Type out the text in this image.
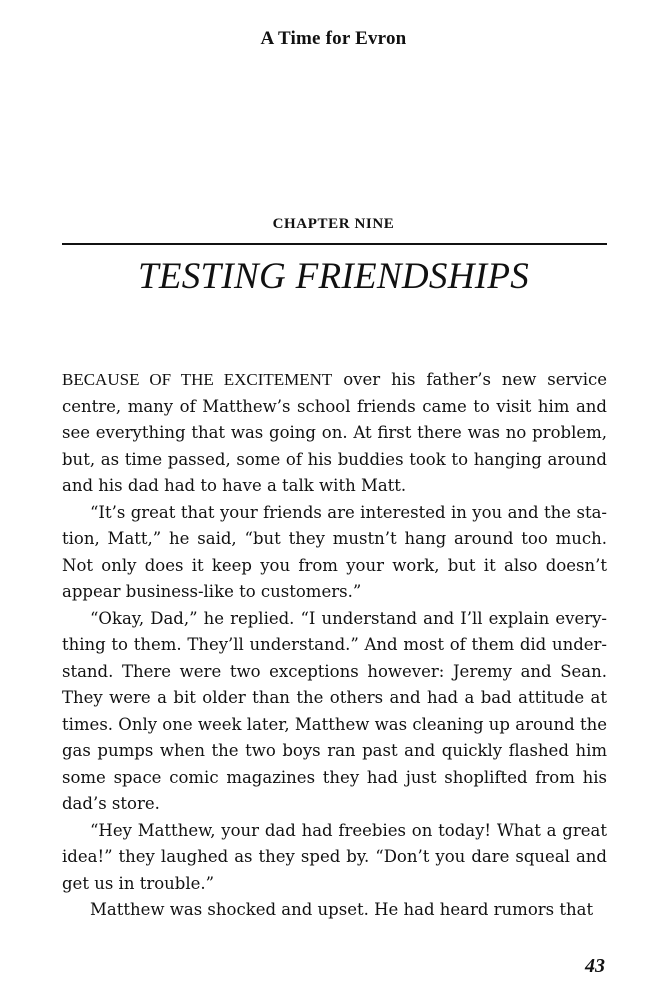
A Time for Evron
CHAPTER NINE
TESTING FRIENDSHIPS

BECAUSE OF THE EXCITEMENT over his father’s new service centre, many of Matthew’s school friends came to visit him and see everything that was going on. At first there was no problem, but, as time passed, some of his buddies took to hanging around and his dad had to have a talk with Matt.

“It’s great that your friends are interested in you and the station, Matt,” he said, “but they mustn’t hang around too much. Not only does it keep you from your work, but it also doesn’t appear business-like to customers.”

“Okay, Dad,” he replied. “I understand and I’ll explain everything to them. They’ll understand.” And most of them did understand. There were two exceptions however: Jeremy and Sean. They were a bit older than the others and had a bad attitude at times. Only one week later, Matthew was cleaning up around the gas pumps when the two boys ran past and quickly flashed him some space comic magazines they had just shoplifted from his dad’s store.

“Hey Matthew, your dad had freebies on today! What a great idea!” they laughed as they sped by. “Don’t you dare squeal and get us in trouble.”

Matthew was shocked and upset. He had heard rumors that

43
